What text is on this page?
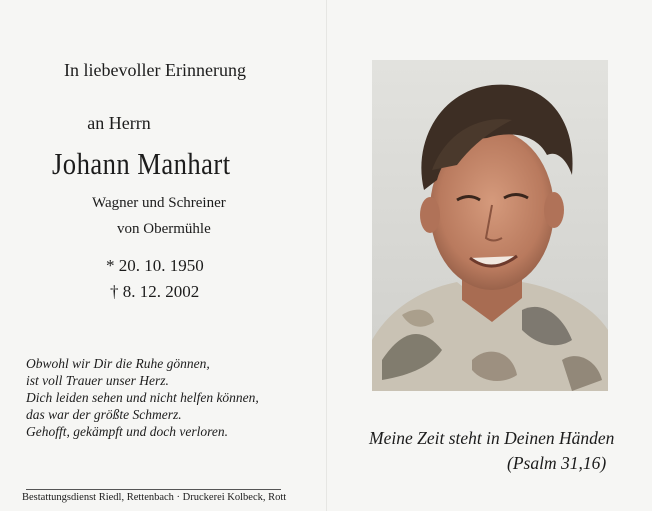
In liebevoller Erinnerung
an Herrn
Johann Manhart
Wagner und Schreiner
von Obermühle
* 20. 10. 1950
† 8. 12. 2002
Obwohl wir Dir die Ruhe gönnen,
ist voll Trauer unser Herz.
Dich leiden sehen und nicht helfen können,
das war der größte Schmerz.
Gehofft, gekämpft und doch verloren.
Bestattungsdienst Riedl, Rettenbach · Druckerei Kolbeck, Rott
Meine Zeit steht in Deinen Händen
(Psalm 31,16)
